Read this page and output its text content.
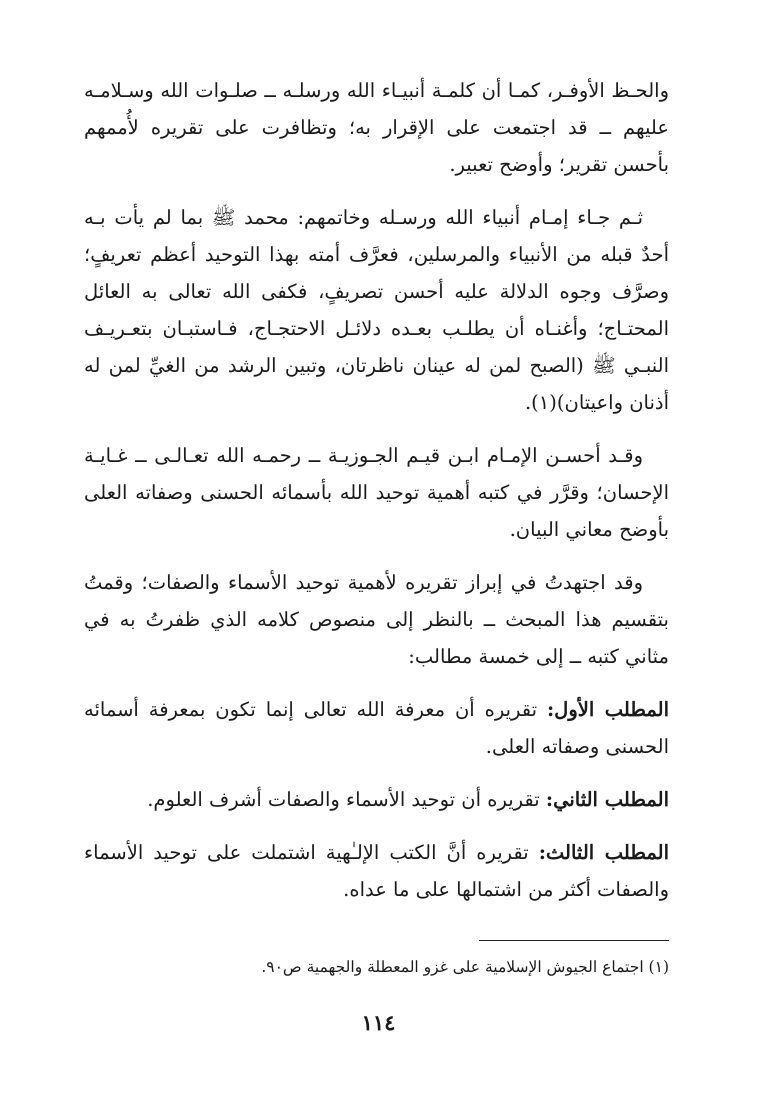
والحـظ الأوفـر، كمـا أن كلمـة أنبيـاء الله ورسلـه ــ صلـوات الله وسـلامـه عليهم ــ قد اجتمعت على الإقرار به؛ وتظافرت على تقريره لأُممهم بأحسن تقرير؛ وأوضح تعبير.

ثـم جـاء إمـام أنبياء الله ورسـله وخاتمهم: محمد ﷺ بما لم يأت بـه أحدٌ قبله من الأنبياء والمرسلين، فعرَّف أمته بهذا التوحيد أعظم تعريفٍ؛ وصرَّف وجوه الدلالة عليه أحسن تصريفٍ، فكفى الله تعالى به العائل المحتـاج؛ وأغنـاه أن يطلـب بعـده دلائـل الاحتجـاج، فـاستبـان بتعـريـف النبـي ﷺ (الصبح لمن له عينان ناظرتان، وتبين الرشد من الغيِّ لمن له أذنان واعيتان)(١).

وقـد أحسـن الإمـام ابـن قيـم الجـوزيـة ــ رحمـه الله تعـالـى ــ غـايـة الإحسان؛ وقرَّر في كتبه أهمية توحيد الله بأسمائه الحسنى وصفاته العلى بأوضح معاني البيان.

وقد اجتهدتُ في إبراز تقريره لأهمية توحيد الأسماء والصفات؛ وقمتُ بتقسيم هذا المبحث ــ بالنظر إلى منصوص كلامه الذي ظفرتُ به في مثاني كتبه ــ إلى خمسة مطالب:

المطلب الأول: تقريره أن معرفة الله تعالى إنما تكون بمعرفة أسمائه الحسنى وصفاته العلى.

المطلب الثاني: تقريره أن توحيد الأسماء والصفات أشرف العلوم.

المطلب الثالث: تقريره أنَّ الكتب الإلـٰهية اشتملت على توحيد الأسماء والصفات أكثر من اشتمالها على ما عداه.

(١) اجتماع الجيوش الإسلامية على غزو المعطلة والجهمية ص٩٠.
١١٤
